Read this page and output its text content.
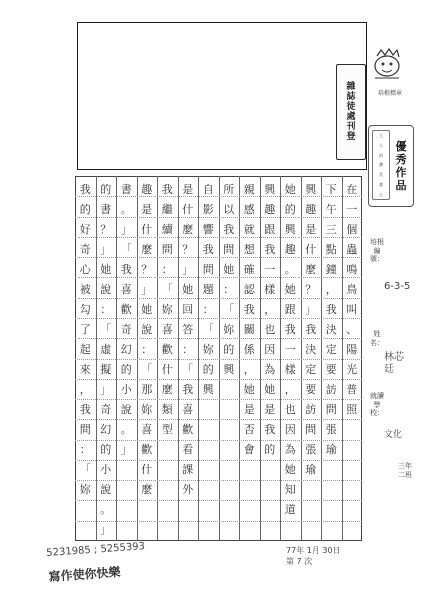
雜
誌
徒
處
刊
登
培根標章
大
人
的
讚
美
童
心
優秀作品
在
一
個
蟲
鳴
鳥
叫
、
陽
光
普
照
下
午
三
點
鐘
，
我
決
定
要
訪
問
張
瑜
興
趣
是
什
麼
？
」
我
決
定
要
訪
問
張
瑜
她
的
興
趣
。
她
跟
我
一
樣
，
也
因
為
她
知
道
興
趣
跟
我
一
樣
，
也
因
為
她
是
我
的
親
感
就
想
確
認
我
關
係
，
她
是
否
會
所
以
我
問
她
：
「
妳
的
興
自
影
響
我
問
題
：
「
妳
的
興
是
什
麼
？
」
她
回
答
：
「
我
喜
歡
看
課
外
我
繼
續
問
：
「
妳
喜
歡
什
麼
類
型
趣
是
什
麼
？
」
她
說
：
「
那
妳
喜
歡
什
麼
書
。
」
「
我
喜
歡
奇
幻
的
小
說
。
」
的
書
？
」
她
說
：
「
虛
擬
」
奇
幻
的
小
說
。
」
我
的
好
奇
心
被
勾
了
起
來
，
我
問
：
「
妳
培根編號：
6-3-5
姓名：
林芯廷
就讀學校：
文化
三年二班
77年 1月 30日
第 7 次
5231985 ; 5255393
寫作使你快樂
